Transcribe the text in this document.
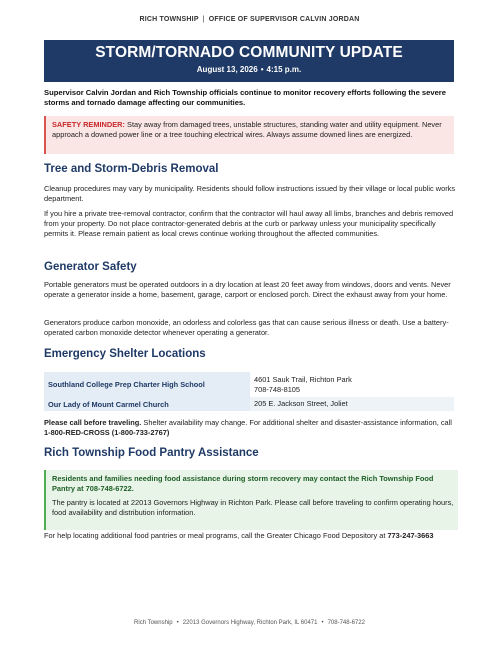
RICH TOWNSHIP | OFFICE OF SUPERVISOR CALVIN JORDAN
STORM/TORNADO COMMUNITY UPDATE
August 13, 2026 • 4:15 p.m.
Supervisor Calvin Jordan and Rich Township officials continue to monitor recovery efforts following the severe storms and tornado damage affecting our communities.
SAFETY REMINDER: Stay away from damaged trees, unstable structures, standing water and utility equipment. Never approach a downed power line or a tree touching electrical wires. Always assume downed lines are energized.
Tree and Storm-Debris Removal

Cleanup procedures may vary by municipality. Residents should follow instructions issued by their village or local public works department.

If you hire a private tree-removal contractor, confirm that the contractor will haul away all limbs, branches and debris removed from your property. Do not place contractor-generated debris at the curb or parkway unless your municipality specifically permits it. Please remain patient as local crews continue working throughout the affected communities.

Generator Safety

Portable generators must be operated outdoors in a dry location at least 20 feet away from windows, doors and vents. Never operate a generator inside a home, basement, garage, carport or enclosed porch. Direct the exhaust away from your home.

Generators produce carbon monoxide, an odorless and colorless gas that can cause serious illness or death. Use a battery-operated carbon monoxide detector whenever operating a generator.

Emergency Shelter Locations
Southland College Prep Charter High School	4601 Sauk Trail, Richton Park
708-748-8105

Our Lady of Mount Carmel Church	205 E. Jackson Street, Joliet

Please call before traveling. Shelter availability may change. For additional shelter and disaster-assistance information, call 1-800-RED-CROSS (1-800-733-2767)

Rich Township Food Pantry Assistance

Residents and families needing food assistance during storm recovery may contact the Rich Township Food Pantry at 708-748-6722.

The pantry is located at 22013 Governors Highway in Richton Park. Please call before traveling to confirm operating hours, food availability and distribution information.

For help locating additional food pantries or meal programs, call the Greater Chicago Food Depository at 773-247-3663

Rich Township • 22013 Governors Highway, Richton Park, IL 60471 • 708-748-6722
